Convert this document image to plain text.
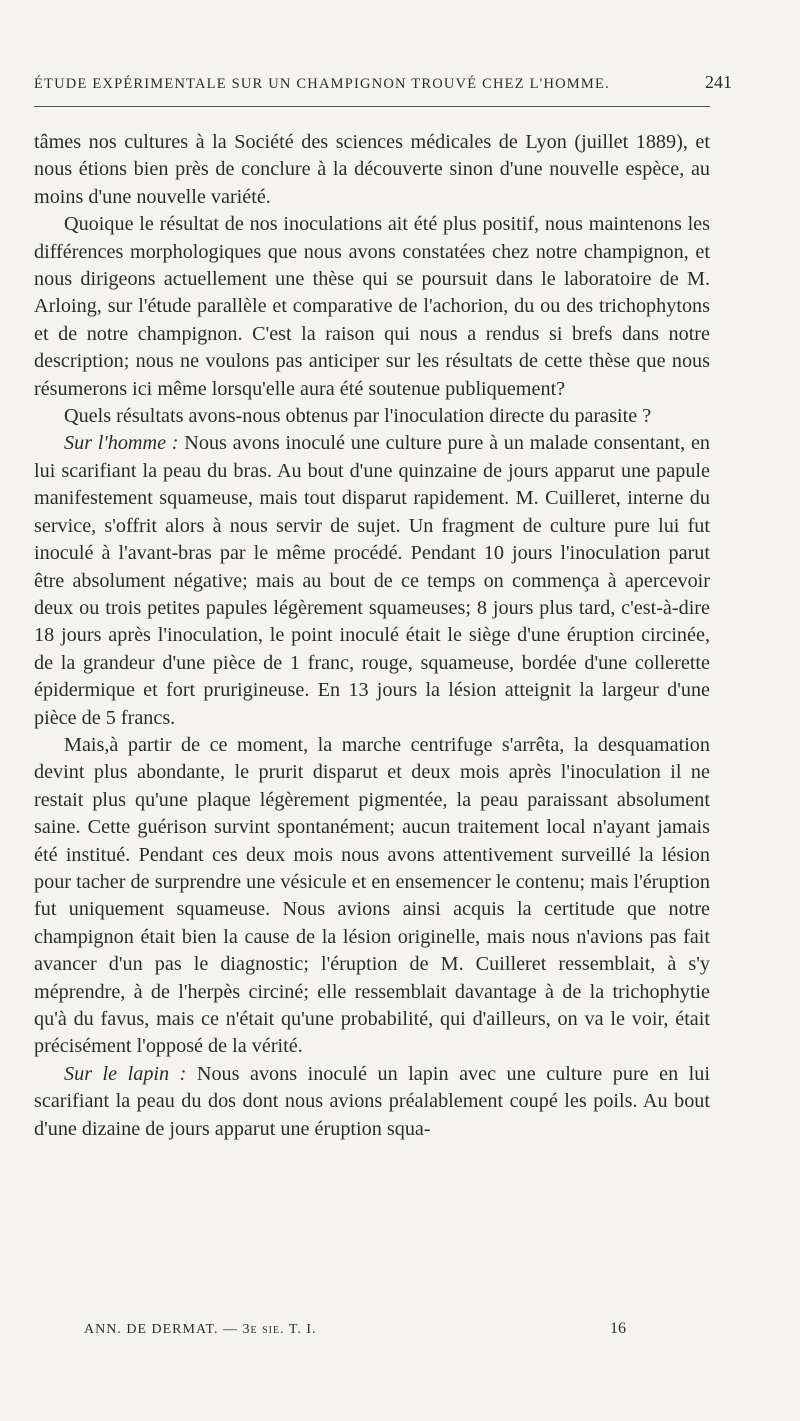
ÉTUDE EXPÉRIMENTALE SUR UN CHAMPIGNON TROUVÉ CHEZ L'HOMME.	241

tâmes nos cultures à la Société des sciences médicales de Lyon (juillet 1889), et nous étions bien près de conclure à la découverte sinon d'une nouvelle espèce, au moins d'une nouvelle variété.

Quoique le résultat de nos inoculations ait été plus positif, nous maintenons les différences morphologiques que nous avons constatées chez notre champignon, et nous dirigeons actuellement une thèse qui se poursuit dans le laboratoire de M. Arloing, sur l'étude parallèle et comparative de l'achorion, du ou des trichophytons et de notre champignon. C'est la raison qui nous a rendus si brefs dans notre description; nous ne voulons pas anticiper sur les résultats de cette thèse que nous résumerons ici même lorsqu'elle aura été soutenue publiquement?

Quels résultats avons-nous obtenus par l'inoculation directe du parasite ?

Sur l'homme : Nous avons inoculé une culture pure à un malade consentant, en lui scarifiant la peau du bras. Au bout d'une quinzaine de jours apparut une papule manifestement squameuse, mais tout disparut rapidement. M. Cuilleret, interne du service, s'offrit alors à nous servir de sujet. Un fragment de culture pure lui fut inoculé à l'avant-bras par le même procédé. Pendant 10 jours l'inoculation parut être absolument négative; mais au bout de ce temps on commença à apercevoir deux ou trois petites papules légèrement squameuses; 8 jours plus tard, c'est-à-dire 18 jours après l'inoculation, le point inoculé était le siège d'une éruption circinée, de la grandeur d'une pièce de 1 franc, rouge, squameuse, bordée d'une collerette épidermique et fort prurigineuse. En 13 jours la lésion atteignit la largeur d'une pièce de 5 francs.

Mais,à partir de ce moment, la marche centrifuge s'arrêta, la desquamation devint plus abondante, le prurit disparut et deux mois après l'inoculation il ne restait plus qu'une plaque légèrement pigmentée, la peau paraissant absolument saine. Cette guérison survint spontanément; aucun traitement local n'ayant jamais été institué. Pendant ces deux mois nous avons attentivement surveillé la lésion pour tacher de surprendre une vésicule et en ensemencer le contenu; mais l'éruption fut uniquement squameuse. Nous avions ainsi acquis la certitude que notre champignon était bien la cause de la lésion originelle, mais nous n'avions pas fait avancer d'un pas le diagnostic; l'éruption de M. Cuilleret ressemblait, à s'y méprendre, à de l'herpès circiné; elle ressemblait davantage à de la trichophytie qu'à du favus, mais ce n'était qu'une probabilité, qui d'ailleurs, on va le voir, était précisément l'opposé de la vérité.

Sur le lapin : Nous avons inoculé un lapin avec une culture pure en lui scarifiant la peau du dos dont nous avions préalablement coupé les poils. Au bout d'une dizaine de jours apparut une éruption squa-

ANN. DE DERMAT. — 3e sie. T. I.	16
